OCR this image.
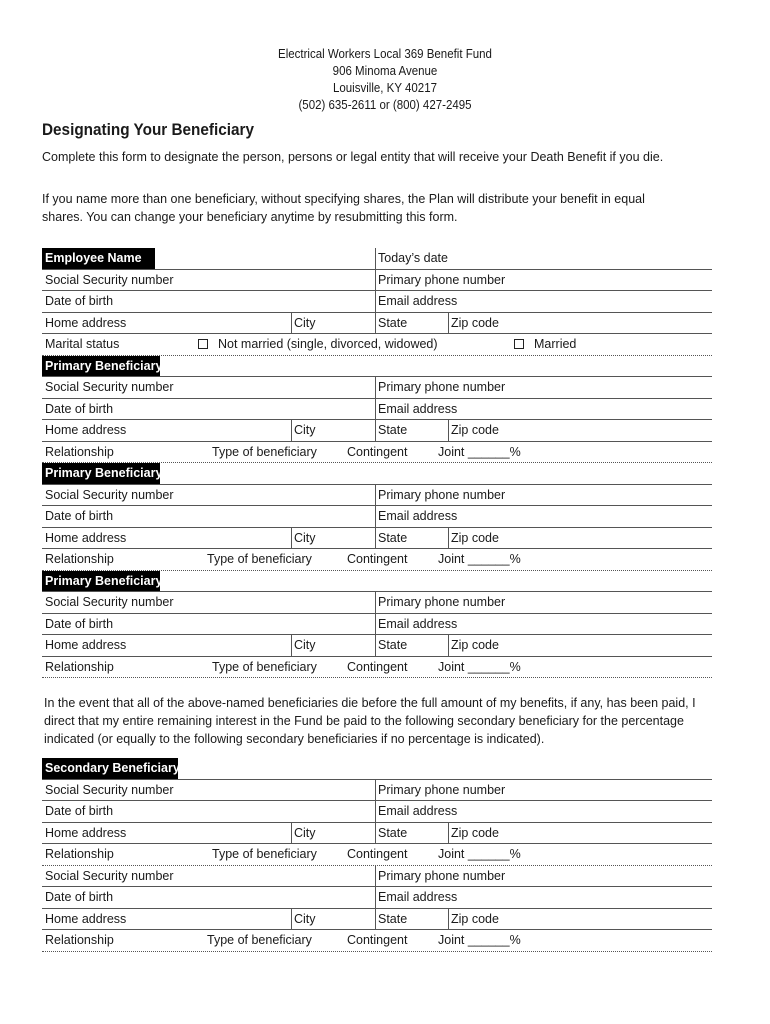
Electrical Workers Local 369 Benefit Fund
906 Minoma Avenue
Louisville, KY 40217
(502) 635-2611 or (800) 427-2495
Designating Your Beneficiary
Complete this form to designate the person, persons or legal entity that will receive your Death Benefit if you die.
If you name more than one beneficiary, without specifying shares, the Plan will distribute your benefit in equal shares. You can change your beneficiary anytime by resubmitting this form.
Employee Name	Today’s date
Social Security number	Primary phone number
Date of birth	Email address
Home address	City	State	Zip code
Marital status	Not married (single, divorced, widowed)	Married
Primary Beneficiary
Social Security number	Primary phone number
Date of birth	Email address
Home address	City	State	Zip code
Relationship	Type of beneficiary Contingent Joint ______%
Primary Beneficiary
Social Security number	Primary phone number
Date of birth	Email address
Home address	City	State	Zip code
Relationship	Type of beneficiary	Contingent Joint ______%
Primary Beneficiary
Social Security number	Primary phone number
Date of birth	Email address
Home address	City	State	Zip code
Relationship	Type of beneficiary Contingent Joint ______%
In the event that all of the above-named beneficiaries die before the full amount of my benefits, if any, has been paid, I direct that my entire remaining interest in the Fund be paid to the following secondary beneficiary for the percentage indicated (or equally to the following secondary beneficiaries if no percentage is indicated).
Secondary Beneficiary
Social Security number	Primary phone number
Date of birth	Email address
Home address	City	State	Zip code
Relationship	Type of beneficiary Contingent Joint ______%
Social Security number	Primary phone number
Date of birth	Email address
Home address	City	State	Zip code
Relationship	Type of beneficiary	Contingent Joint ______%
